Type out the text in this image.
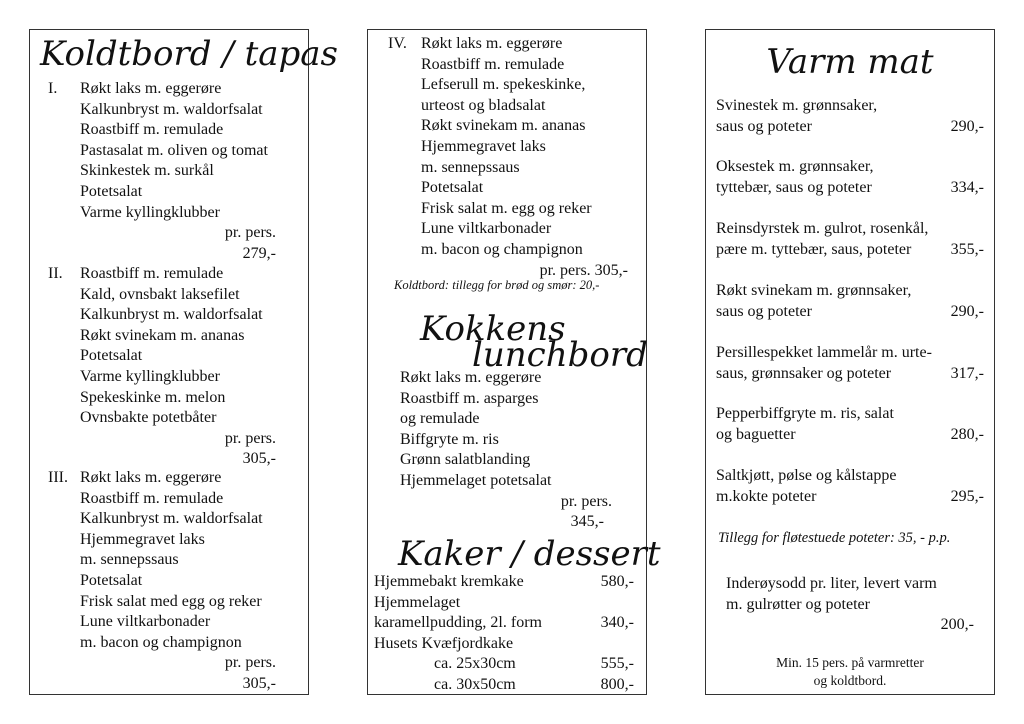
Koldtbord / tapas
I.	Røkt laks m. eggerøre
Kalkunbryst m. waldorfsalat
Roastbiff m. remulade
Pastasalat m. oliven og tomat
Skinkestek m. surkål
Potetsalat
Varme kyllingklubber
pr. pers.
279,-
II.	Roastbiff m. remulade
Kald, ovnsbakt laksefilet
Kalkunbryst m. waldorfsalat
Røkt svinekam m. ananas
Potetsalat
Varme kyllingklubber
Spekeskinke m. melon
Ovnsbakte potetbåter
pr. pers.
305,-
III. Røkt laks m. eggerøre
Roastbiff m. remulade
Kalkunbryst m. waldorfsalat
Hjemmegravet laks
m. sennepssaus
Potetsalat
Frisk salat med egg og reker
Lune viltkarbonader
m. bacon og champignon
pr. pers.
305,-
IV. Røkt laks m. eggerøre
Roastbiff m. remulade
Lefserull m. spekeskinke,
urteost og bladsalat
Røkt svinekam m. ananas
Hjemmegravet laks
m. sennepssaus
Potetsalat
Frisk salat m. egg og reker
Lune viltkarbonader
m. bacon og champignon
pr. pers. 305,-
Koldtbord: tillegg for brød og smør: 20,-
Kokkens
lunchbord
Røkt laks m. eggerøre
Roastbiff m. asparges
og remulade
Biffgryte m. ris
Grønn salatblanding
Hjemmelaget potetsalat
pr. pers.
345,-
Kaker / dessert
Hjemmebakt kremkake	580,-
Hjemmelaget
karamellpudding, 2l. form	340,-
Husets Kvæfjordkake
ca. 25x30cm	555,-
ca. 30x50cm	800,-
Varm mat
Svinestek m. grønnsaker,
saus og poteter	290,-
Oksestek m. grønnsaker,
tyttebær, saus og poteter	334,-
Reinsdyrstek m. gulrot, rosenkål,
pære m. tyttebær, saus, poteter 355,-
Røkt svinekam m. grønnsaker,
saus og poteter	290,-
Persillespekket lammelår m. urte-
saus, grønnsaker og poteter	317,-
Pepperbiffgryte m. ris, salat
og baguetter	280,-
Saltkjøtt, pølse og kålstappe
m.kokte poteter	295,-
Tillegg for fløtestuede poteter: 35, - p.p.
Inderøysodd pr. liter, levert varm
m. gulrøtter og poteter
200,-
Min. 15 pers. på varmretter
og koldtbord.
